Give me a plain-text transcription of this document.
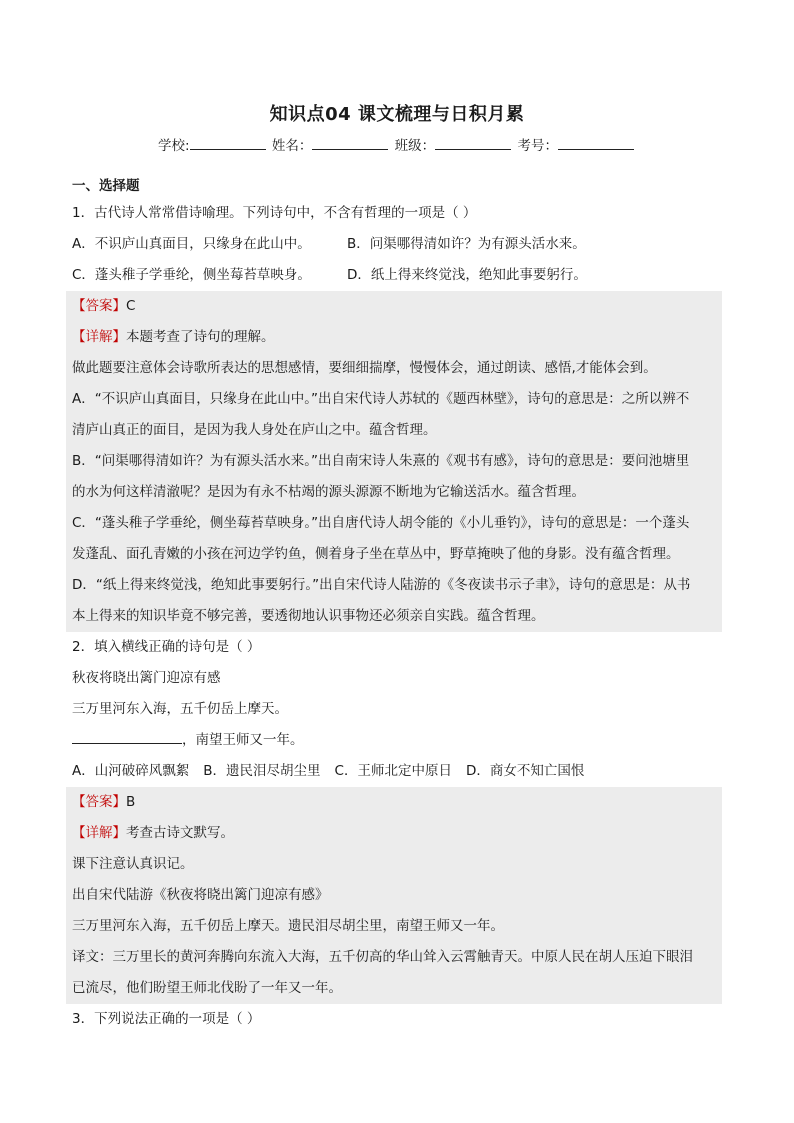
知识点04 课文梳理与日积月累
学校:	姓名：	班级：	考号：
一、选择题
1．古代诗人常常借诗喻理。下列诗句中，不含有哲理的一项是（ ）
A．不识庐山真面目，只缘身在此山中。	B．问渠哪得清如许？为有源头活水来。
C．蓬头稚子学垂纶，侧坐莓苔草映身。	D．纸上得来终觉浅，绝知此事要躬行。
【答案】C
【详解】本题考查了诗句的理解。
做此题要注意体会诗歌所表达的思想感情，要细细揣摩，慢慢体会，通过朗读、感悟,才能体会到。
A．“不识庐山真面目，只缘身在此山中。”出自宋代诗人苏轼的《题西林壁》，诗句的意思是：之所以辨不
清庐山真正的面目，是因为我人身处在庐山之中。蕴含哲理。
B．“问渠哪得清如许？为有源头活水来。”出自南宋诗人朱熹的《观书有感》，诗句的意思是：要问池塘里
的水为何这样清澈呢？是因为有永不枯竭的源头源源不断地为它输送活水。蕴含哲理。
C．“蓬头稚子学垂纶，侧坐莓苔草映身。”出自唐代诗人胡令能的《小儿垂钓》，诗句的意思是：一个蓬头
发蓬乱、面孔青嫩的小孩在河边学钓鱼，侧着身子坐在草丛中，野草掩映了他的身影。没有蕴含哲理。
D．“纸上得来终觉浅，绝知此事要躬行。”出自宋代诗人陆游的《冬夜读书示子聿》，诗句的意思是：从书
本上得来的知识毕竟不够完善，要透彻地认识事物还必须亲自实践。蕴含哲理。
2．填入横线正确的诗句是（ ）
秋夜将晓出篱门迎凉有感
三万里河东入海，五千仞岳上摩天。
，南望王师又一年。
A．山河破碎风飘絮 B．遗民泪尽胡尘里 C．王师北定中原日 D．商女不知亡国恨
【答案】B
【详解】考查古诗文默写。
课下注意认真识记。
出自宋代陆游《秋夜将晓出篱门迎凉有感》
三万里河东入海，五千仞岳上摩天。遗民泪尽胡尘里，南望王师又一年。
译文：三万里长的黄河奔腾向东流入大海，五千仞高的华山耸入云霄触青天。中原人民在胡人压迫下眼泪
已流尽，他们盼望王师北伐盼了一年又一年。
3．下列说法正确的一项是（ ）
